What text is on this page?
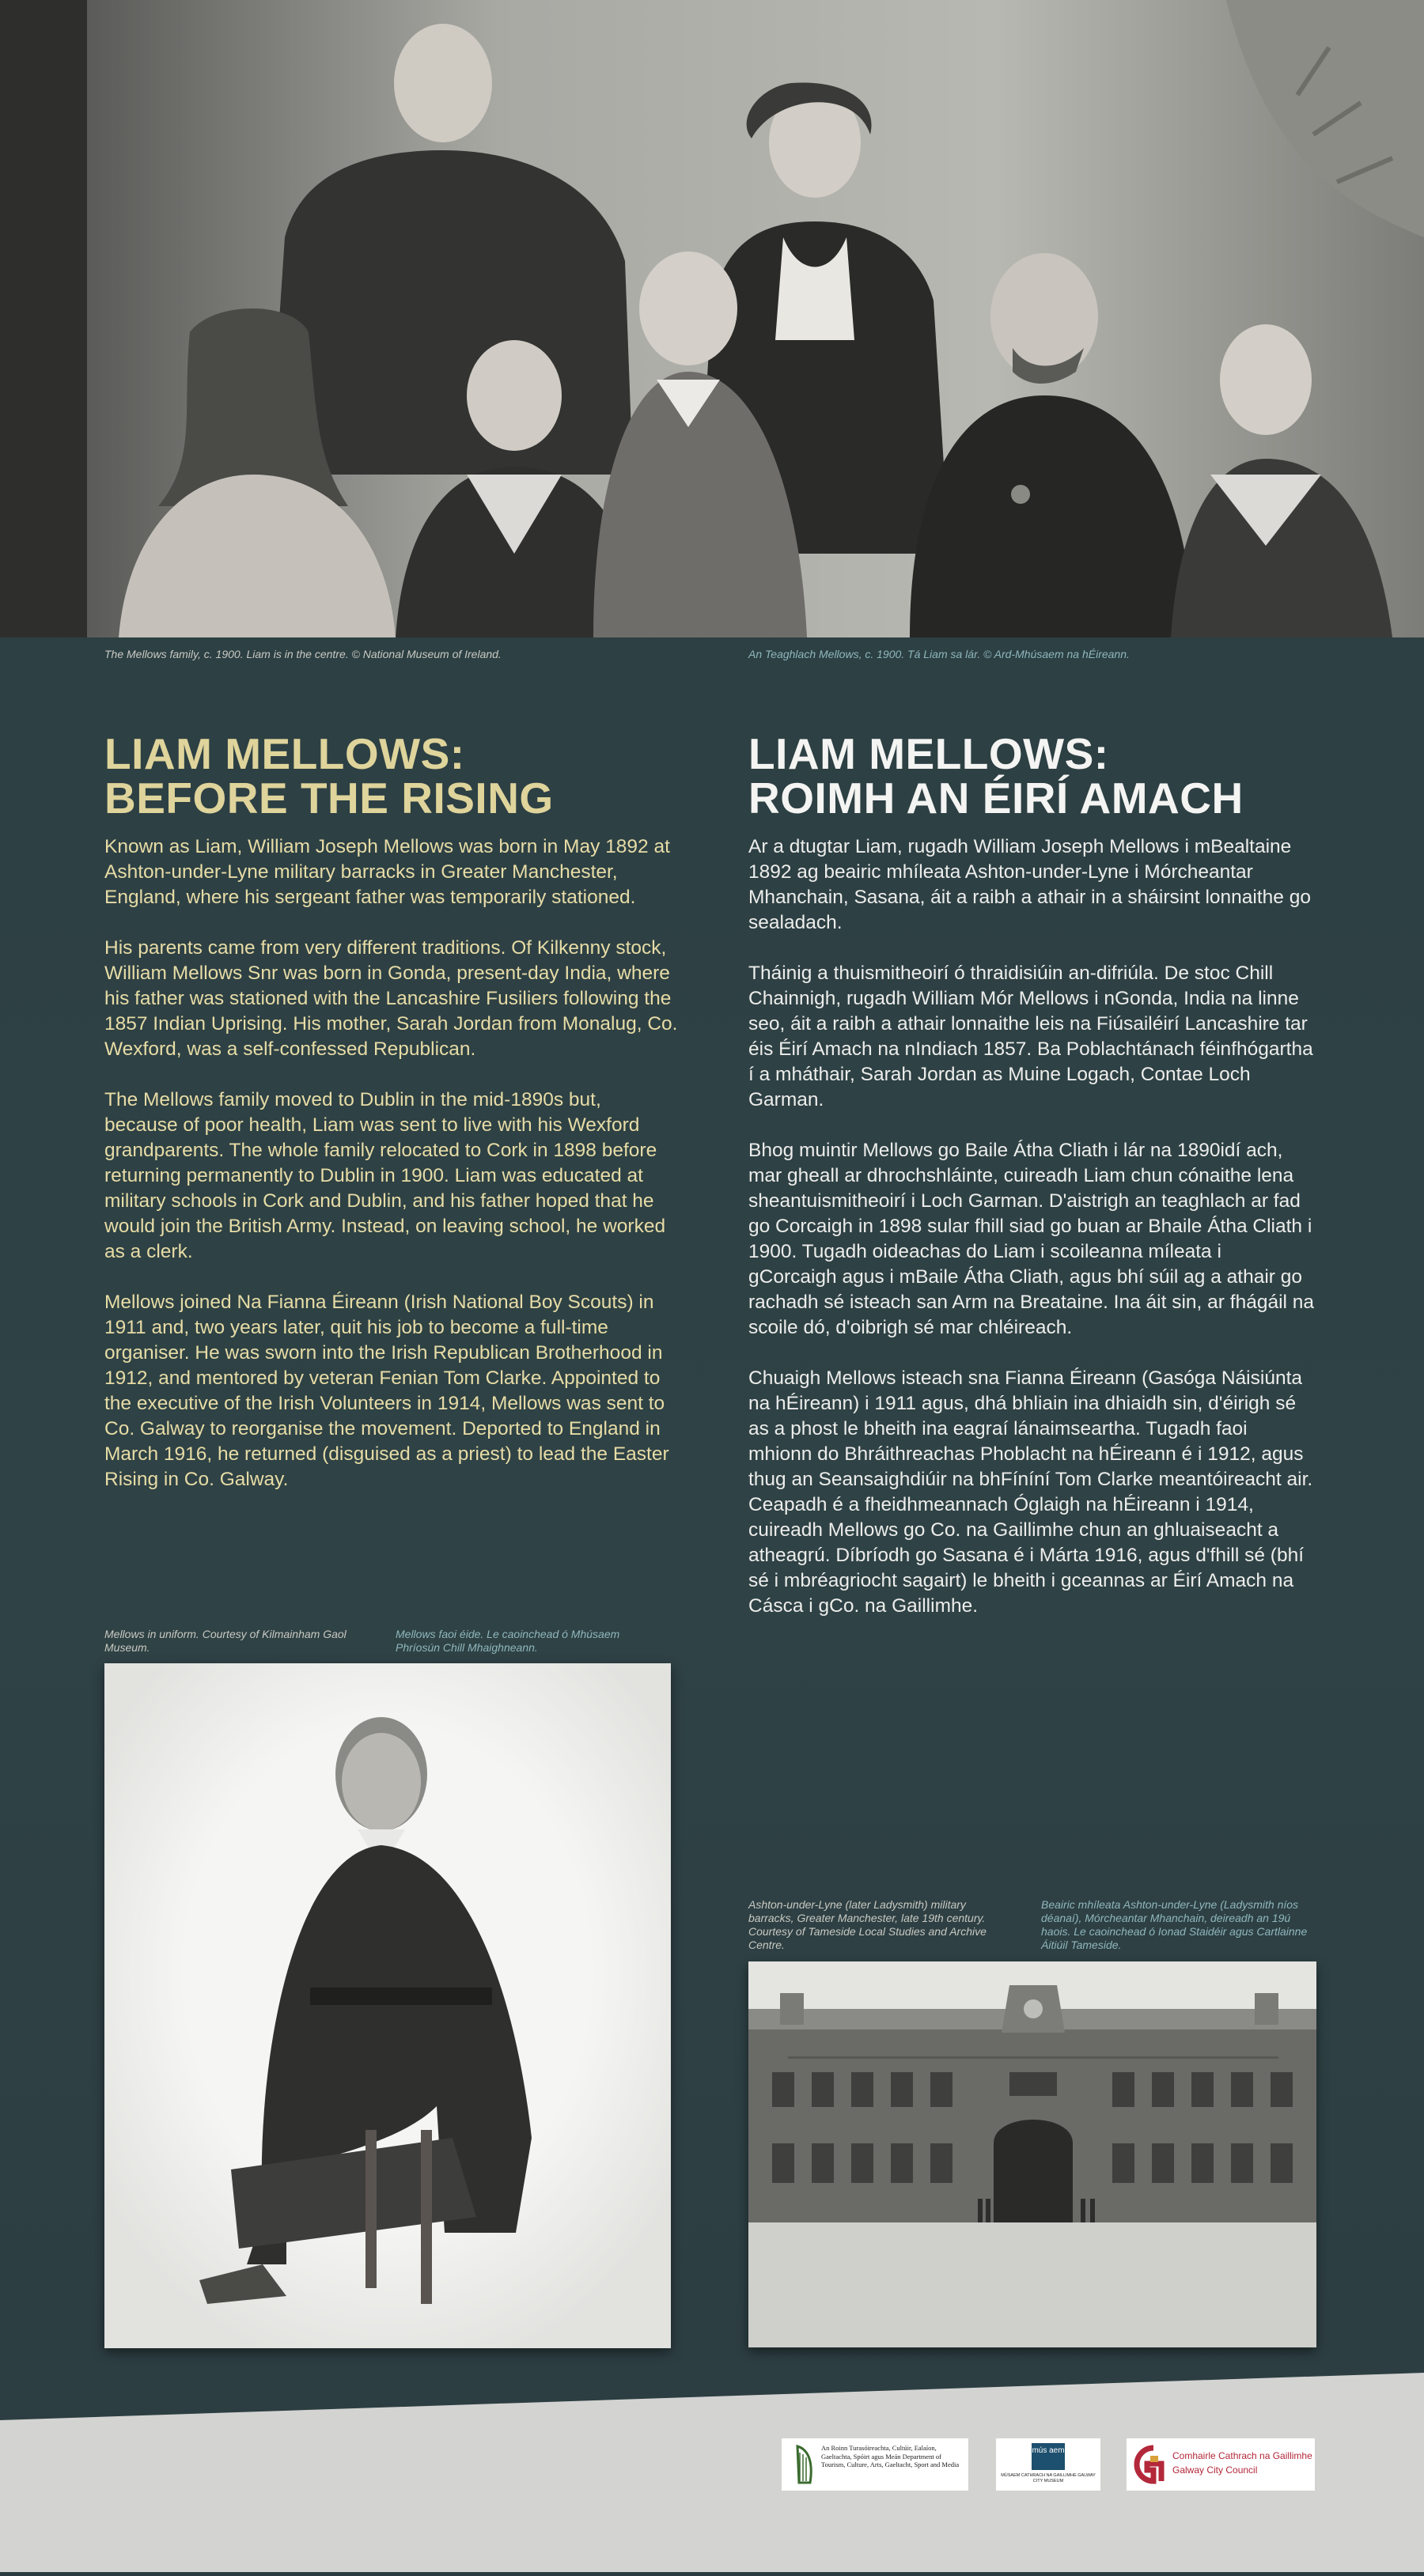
The Mellows family, c. 1900. Liam is in the centre. © National Museum of Ireland.	An Teaghlach Mellows, c. 1900. Tá Liam sa lár. © Ard-Mhúsaem na hÉireann.
LIAM MELLOWS:
BEFORE THE RISING
LIAM MELLOWS:
ROIMH AN ÉIRÍ AMACH

Known as Liam, William Joseph Mellows was born in May 1892 at Ashton-under-Lyne military barracks in Greater Manchester, England, where his sergeant father was temporarily stationed.

His parents came from very different traditions. Of Kilkenny stock, William Mellows Snr was born in Gonda, present-day India, where his father was stationed with the Lancashire Fusiliers following the 1857 Indian Uprising. His mother, Sarah Jordan from Monalug, Co. Wexford, was a self-confessed Republican.

The Mellows family moved to Dublin in the mid-1890s but, because of poor health, Liam was sent to live with his Wexford grandparents. The whole family relocated to Cork in 1898 before returning permanently to Dublin in 1900. Liam was educated at military schools in Cork and Dublin, and his father hoped that he would join the British Army. Instead, on leaving school, he worked as a clerk.

Mellows joined Na Fianna Éireann (Irish National Boy Scouts) in 1911 and, two years later, quit his job to become a full-time organiser. He was sworn into the Irish Republican Brotherhood in 1912, and mentored by veteran Fenian Tom Clarke. Appointed to the executive of the Irish Volunteers in 1914, Mellows was sent to Co. Galway to reorganise the movement. Deported to England in March 1916, he returned (disguised as a priest) to lead the Easter Rising in Co. Galway.

Ar a dtugtar Liam, rugadh William Joseph Mellows i mBealtaine 1892 ag beairic mhíleata Ashton-under-Lyne i Mórcheantar Mhanchain, Sasana, áit a raibh a athair in a sháirsint lonnaithe go sealadach.

Tháinig a thuismitheoirí ó thraidisiúin an-difriúla. De stoc Chill Chainnigh, rugadh William Mór Mellows i nGonda, India na linne seo, áit a raibh a athair lonnaithe leis na Fiúsailéirí Lancashire tar éis Éirí Amach na nIndiach 1857. Ba Poblachtánach féinfhógartha í a mháthair, Sarah Jordan as Muine Logach, Contae Loch Garman.

Bhog muintir Mellows go Baile Átha Cliath i lár na 1890idí ach, mar gheall ar dhrochshláinte, cuireadh Liam chun cónaithe lena sheantuismitheoirí i Loch Garman. D'aistrigh an teaghlach ar fad go Corcaigh in 1898 sular fhill siad go buan ar Bhaile Átha Cliath i 1900. Tugadh oideachas do Liam i scoileanna míleata i gCorcaigh agus i mBaile Átha Cliath, agus bhí súil ag a athair go rachadh sé isteach san Arm na Breataine. Ina áit sin, ar fhágáil na scoile dó, d'oibrigh sé mar chléireach.

Chuaigh Mellows isteach sna Fianna Éireann (Gasóga Náisiúnta na hÉireann) i 1911 agus, dhá bhliain ina dhiaidh sin, d'éirigh sé as a phost le bheith ina eagraí lánaimseartha. Tugadh faoi mhionn do Bhráithreachas Phoblacht na hÉireann é i 1912, agus thug an Seansaighdiúir na bhFíníní Tom Clarke meantóireacht air. Ceapadh é a fheidhmeannach Óglaigh na hÉireann i 1914, cuireadh Mellows go Co. na Gaillimhe chun an ghluaiseacht a atheagrú. Díbríodh go Sasana é i Márta 1916, agus d'fhill sé (bhí sé i mbréagriocht sagairt) le bheith i gceannas ar Éirí Amach na Cásca i gCo. na Gaillimhe.

Mellows in uniform. Courtesy of Kilmainham Gaol Museum.
Mellows faoi éide. Le caoinchead ó Mhúsaem Phríosún Chill Mhaighneann.
Ashton-under-Lyne (later Ladysmith) military barracks, Greater Manchester, late 19th century. Courtesy of Tameside Local Studies and Archive Centre.
Beairic mhíleata Ashton-under-Lyne (Ladysmith níos déanaí), Mórcheantar Mhanchain, deireadh an 19ú haois. Le caoinchead ó Ionad Staidéir agus Cartlainne Áitiúil Tameside.
An Roinn Turasóireachta, Cultúir, Ealaíon, Gaeltachta, Spóirt agus Meán Department of Tourism, Culture, Arts, Gaeltacht, Sport and Media
mús aem
MÚSAEM CATHRACH NA GAILLIMHE GALWAY CITY MUSEUM
Comhairle Cathrach na Gaillimhe
Galway City Council
